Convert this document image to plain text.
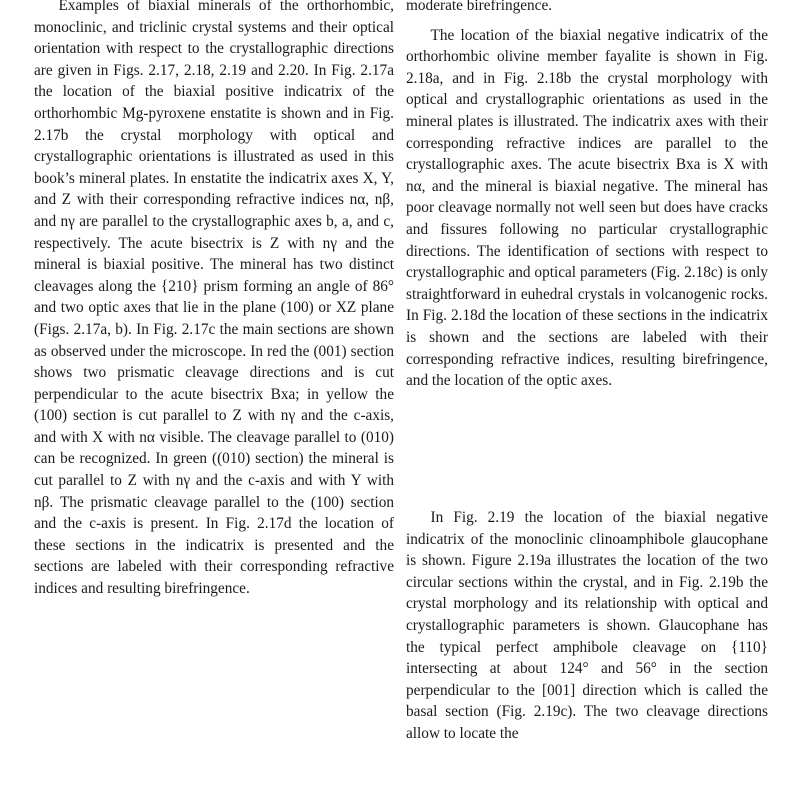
Examples of biaxial minerals of the orthorhombic, monoclinic, and triclinic crystal systems and their optical orientation with respect to the crystallographic directions are given in Figs. 2.17, 2.18, 2.19 and 2.20. In Fig. 2.17a the location of the biaxial positive indicatrix of the orthorhombic Mg-pyroxene enstatite is shown and in Fig. 2.17b the crystal morphology with optical and crystallographic orientations is illustrated as used in this book’s mineral plates. In enstatite the indicatrix axes X, Y, and Z with their corresponding refractive indices nα, nβ, and nγ are parallel to the crystallographic axes b, a, and c, respectively. The acute bisectrix is Z with nγ and the mineral is biaxial positive. The mineral has two distinct cleavages along the {210} prism forming an angle of 86° and two optic axes that lie in the plane (100) or XZ plane (Figs. 2.17a, b). In Fig. 2.17c the main sections are shown as observed under the microscope. In red the (001) section shows two prismatic cleavage directions and is cut perpendicular to the acute bisectrix Bxa; in yellow the (100) section is cut parallel to Z with nγ and the c-axis, and with X with nα visible. The cleavage parallel to (010) can be recognized. In green ((010) section) the mineral is cut parallel to Z with nγ and the c-axis and with Y with nβ. The prismatic cleavage parallel to the (100) section and the c-axis is present. In Fig. 2.17d the location of these sections in the indicatrix is presented and the sections are labeled with their corresponding refractive indices and resulting birefringence.

moderate birefringence.

The location of the biaxial negative indicatrix of the orthorhombic olivine member fayalite is shown in Fig. 2.18a, and in Fig. 2.18b the crystal morphology with optical and crystallographic orientations as used in the mineral plates is illustrated. The indicatrix axes with their corresponding refractive indices are parallel to the crystallographic axes. The acute bisectrix Bxa is X with nα, and the mineral is biaxial negative. The mineral has poor cleavage normally not well seen but does have cracks and fissures following no particular crystallographic directions. The identification of sections with respect to crystallographic and optical parameters (Fig. 2.18c) is only straightforward in euhedral crystals in volcanogenic rocks. In Fig. 2.18d the location of these sections in the indicatrix is shown and the sections are labeled with their corresponding refractive indices, resulting birefringence, and the location of the optic axes.

In Fig. 2.19 the location of the biaxial negative indicatrix of the monoclinic clinoamphibole glaucophane is shown. Figure 2.19a illustrates the location of the two circular sections within the crystal, and in Fig. 2.19b the crystal morphology and its relationship with optical and crystallographic parameters is shown. Glaucophane has the typical perfect amphibole cleavage on {110} intersecting at about 124° and 56° in the section perpendicular to the [001] direction which is called the basal section (Fig. 2.19c). The two cleavage directions allow to locate the
